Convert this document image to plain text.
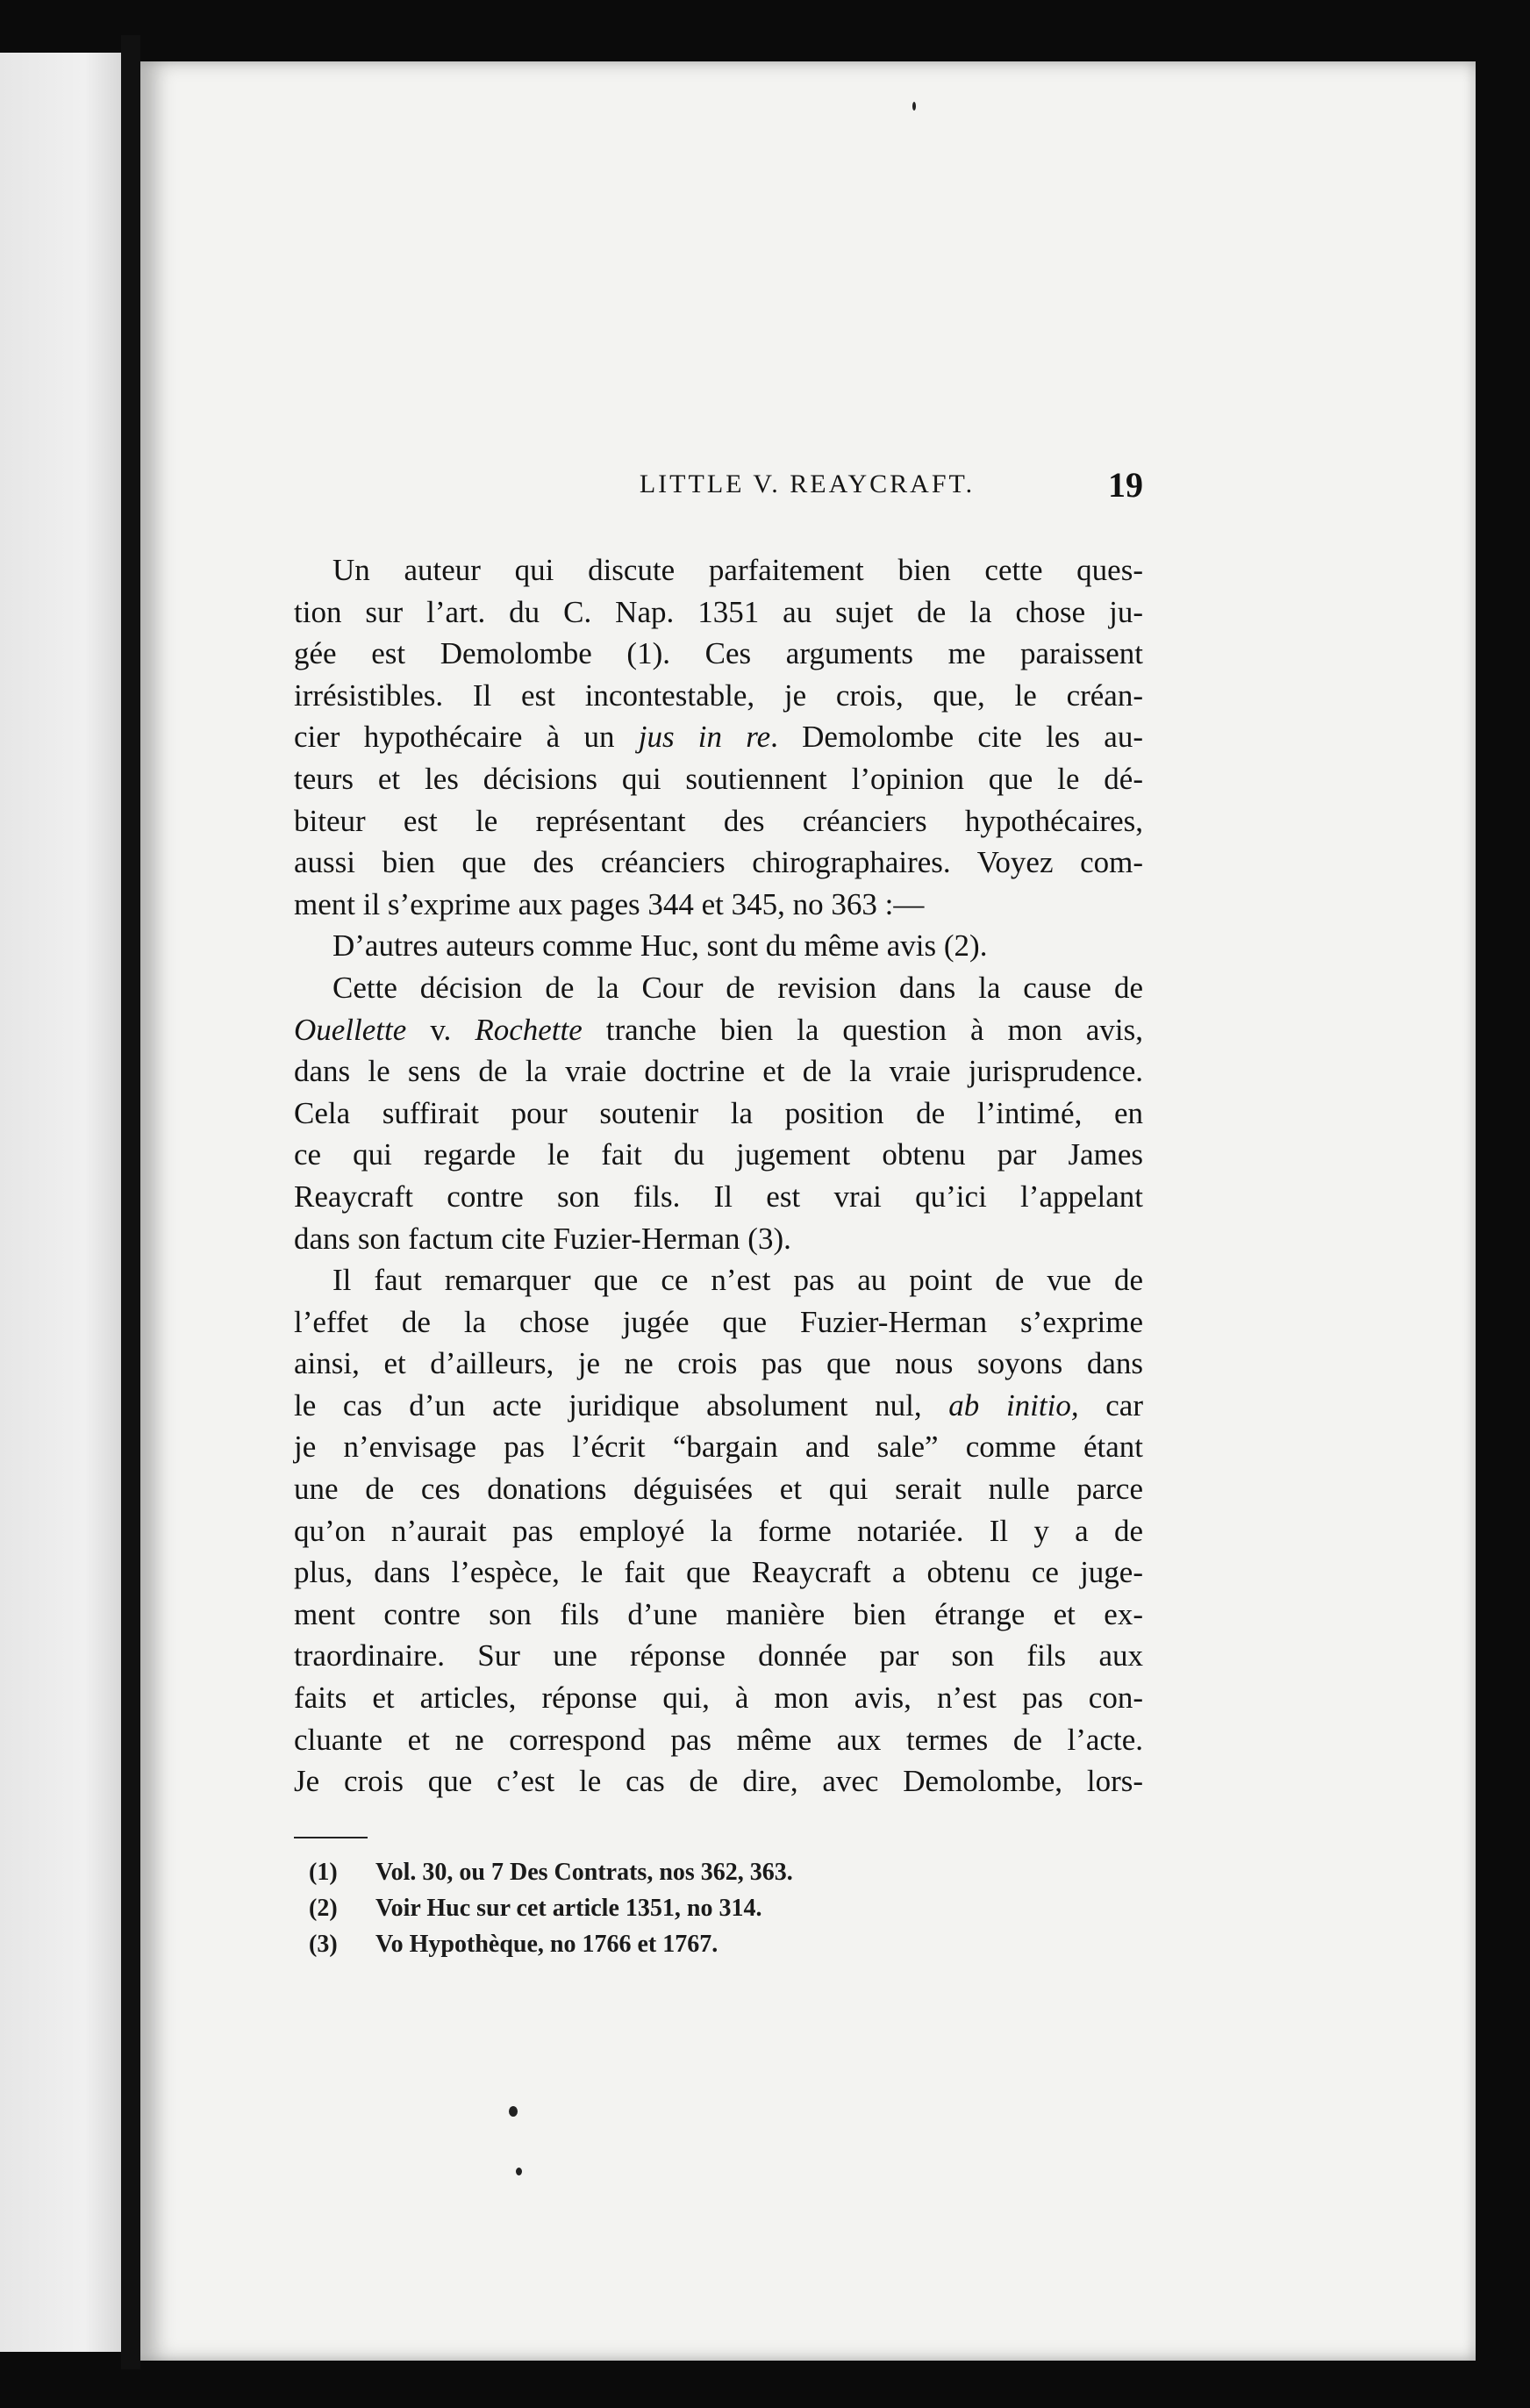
LITTLE V. REAYCRAFT.	19

Un auteur qui discute parfaitement bien cette ques-

tion sur l’art. du C. Nap. 1351 au sujet de la chose ju-

gée est Demolombe (1). Ces arguments me paraissent

irrésistibles. Il est incontestable, je crois, que, le créan-

cier hypothécaire à un jus in re. Demolombe cite les au-

teurs et les décisions qui soutiennent l’opinion que le dé-

biteur est le représentant des créanciers hypothécaires,

aussi bien que des créanciers chirographaires. Voyez com-

ment il s’exprime aux pages 344 et 345, no 363 :—

D’autres auteurs comme Huc, sont du même avis (2).

Cette décision de la Cour de revision dans la cause de

Ouellette v. Rochette tranche bien la question à mon avis,

dans le sens de la vraie doctrine et de la vraie jurisprudence.

Cela suffirait pour soutenir la position de l’intimé, en

ce qui regarde le fait du jugement obtenu par James

Reaycraft contre son fils. Il est vrai qu’ici l’appelant

dans son factum cite Fuzier-Herman (3).

Il faut remarquer que ce n’est pas au point de vue de

l’effet de la chose jugée que Fuzier-Herman s’exprime

ainsi, et d’ailleurs, je ne crois pas que nous soyons dans

le cas d’un acte juridique absolument nul, ab initio, car

je n’envisage pas l’écrit “bargain and sale” comme étant

une de ces donations déguisées et qui serait nulle parce

qu’on n’aurait pas employé la forme notariée. Il y a de

plus, dans l’espèce, le fait que Reaycraft a obtenu ce juge-

ment contre son fils d’une manière bien étrange et ex-

traordinaire. Sur une réponse donnée par son fils aux

faits et articles, réponse qui, à mon avis, n’est pas con-

cluante et ne correspond pas même aux termes de l’acte.

Je crois que c’est le cas de dire, avec Demolombe, lors-

(1) Vol. 30, ou 7 Des Contrats, nos 362, 363.
(2) Voir Huc sur cet article 1351, no 314.
(3) Vo Hypothèque, no 1766 et 1767.
